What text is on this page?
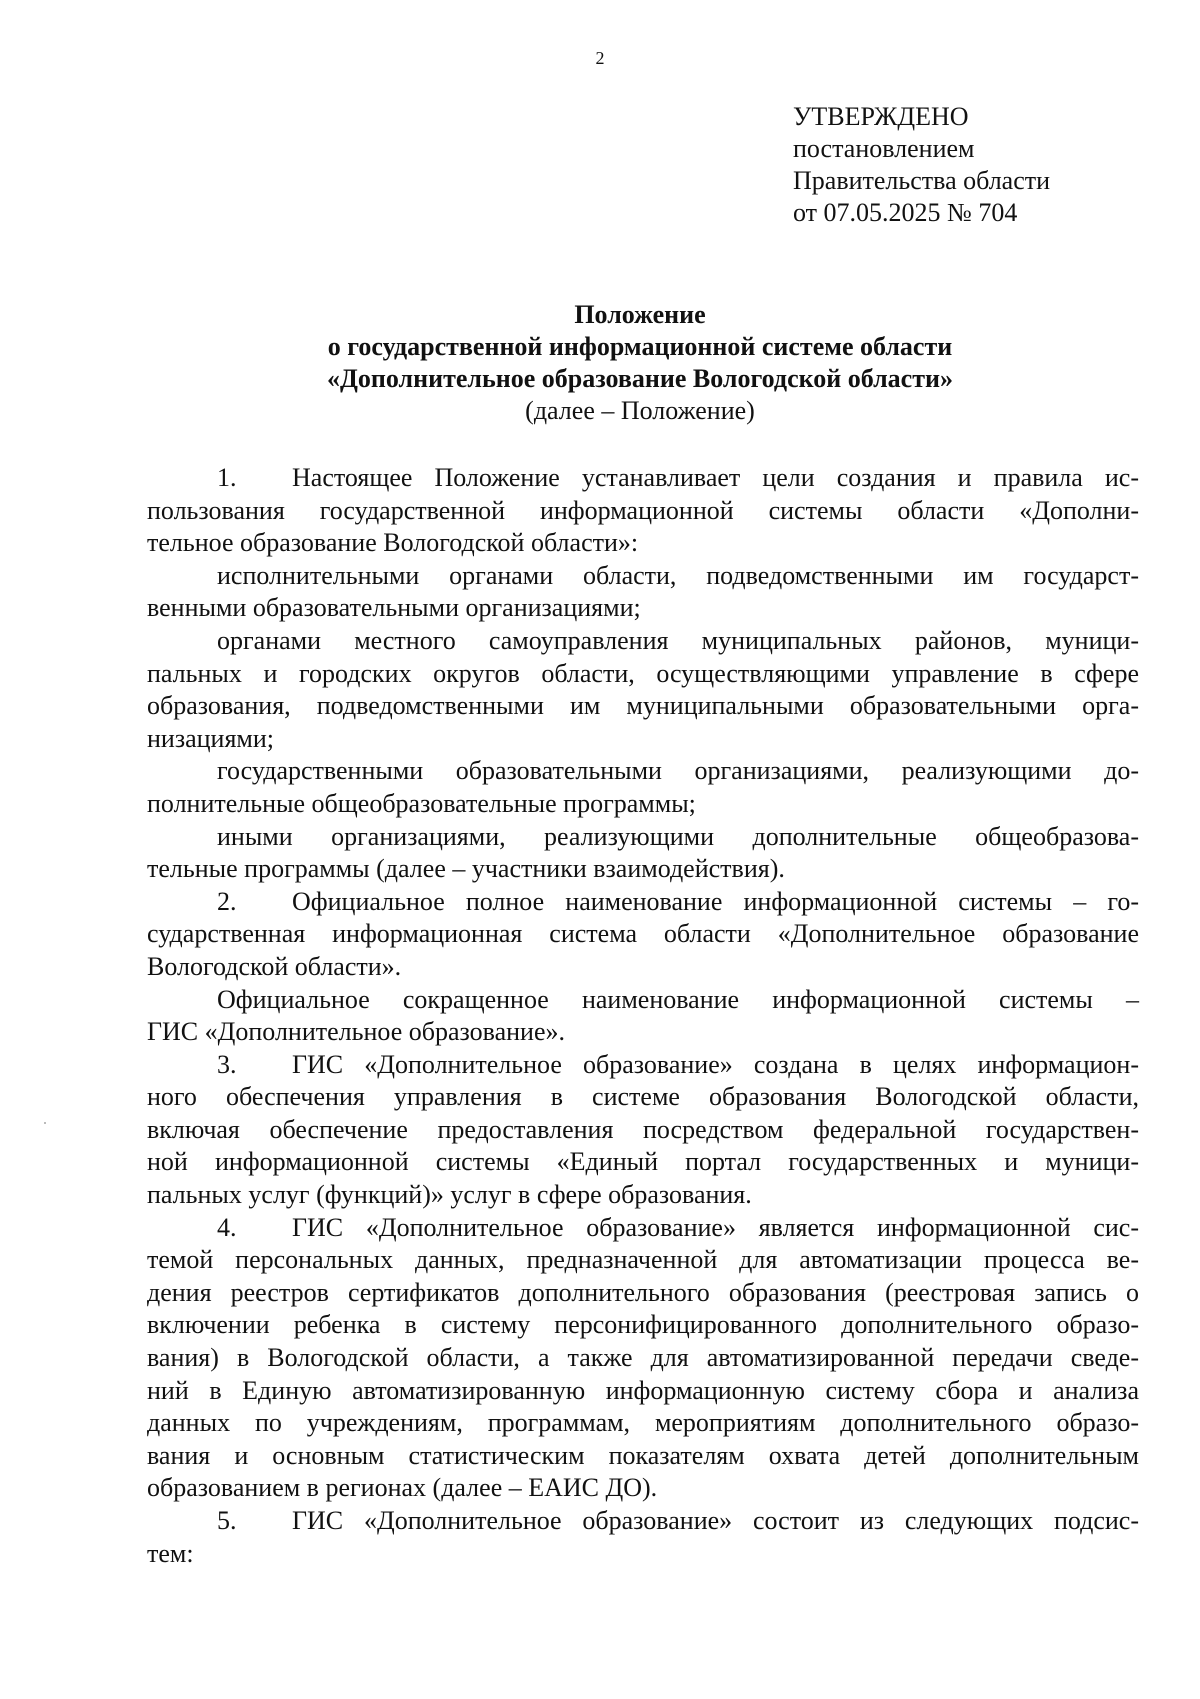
2
УТВЕРЖДЕНО
постановлением
Правительства области
от 07.05.2025 № 704
Положение
о государственной информационной системе области
«Дополнительное образование Вологодской области»
(далее – Положение)
1. Настоящее Положение устанавливает цели создания и правила ис-
пользования государственной информационной системы области «Дополни-
тельное образование Вологодской области»:
исполнительными органами области, подведомственными им государст-
венными образовательными организациями;
органами местного самоуправления муниципальных районов, муници-
пальных и городских округов области, осуществляющими управление в сфере
образования, подведомственными им муниципальными образовательными орга-
низациями;
государственными образовательными организациями, реализующими до-
полнительные общеобразовательные программы;
иными организациями, реализующими дополнительные общеобразова-
тельные программы (далее – участники взаимодействия).
2. Официальное полное наименование информационной системы – го-
сударственная информационная система области «Дополнительное образование
Вологодской области».
Официальное сокращенное наименование информационной системы –
ГИС «Дополнительное образование».
3. ГИС «Дополнительное образование» создана в целях информацион-
ного обеспечения управления в системе образования Вологодской области,
включая обеспечение предоставления посредством федеральной государствен-
ной информационной системы «Единый портал государственных и муници-
пальных услуг (функций)» услуг в сфере образования.
4. ГИС «Дополнительное образование» является информационной сис-
темой персональных данных, предназначенной для автоматизации процесса ве-
дения реестров сертификатов дополнительного образования (реестровая запись о
включении ребенка в систему персонифицированного дополнительного образо-
вания) в Вологодской области, а также для автоматизированной передачи сведе-
ний в Единую автоматизированную информационную систему сбора и анализа
данных по учреждениям, программам, мероприятиям дополнительного образо-
вания и основным статистическим показателям охвата детей дополнительным
образованием в регионах (далее – ЕАИС ДО).
5. ГИС «Дополнительное образование» состоит из следующих подсис-
тем:
